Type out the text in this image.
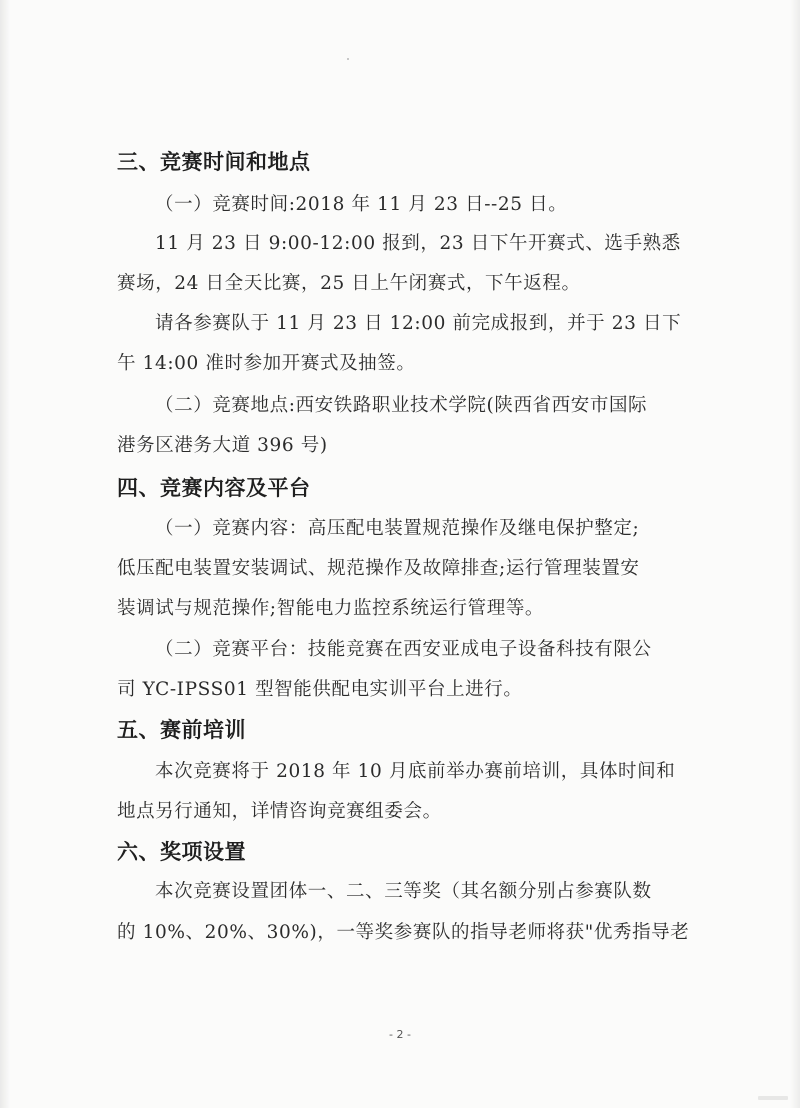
三、竞赛时间和地点
（一）竞赛时间:2018 年 11 月 23 日--25 日。
11 月 23 日 9:00-12:00 报到，23 日下午开赛式、选手熟悉
赛场，24 日全天比赛，25 日上午闭赛式，下午返程。
请各参赛队于 11 月 23 日 12:00 前完成报到，并于 23 日下
午 14:00 准时参加开赛式及抽签。
（二）竞赛地点:西安铁路职业技术学院(陕西省西安市国际
港务区港务大道 396 号)
四、竞赛内容及平台
（一）竞赛内容：高压配电装置规范操作及继电保护整定;
低压配电装置安装调试、规范操作及故障排查;运行管理装置安
装调试与规范操作;智能电力监控系统运行管理等。
（二）竞赛平台：技能竞赛在西安亚成电子设备科技有限公
司 YC-IPSS01 型智能供配电实训平台上进行。
五、赛前培训
本次竞赛将于 2018 年 10 月底前举办赛前培训，具体时间和
地点另行通知，详情咨询竞赛组委会。
六、奖项设置
本次竞赛设置团体一、二、三等奖（其名额分别占参赛队数
的 10%、20%、30%)，一等奖参赛队的指导老师将获"优秀指导老
- 2 -
